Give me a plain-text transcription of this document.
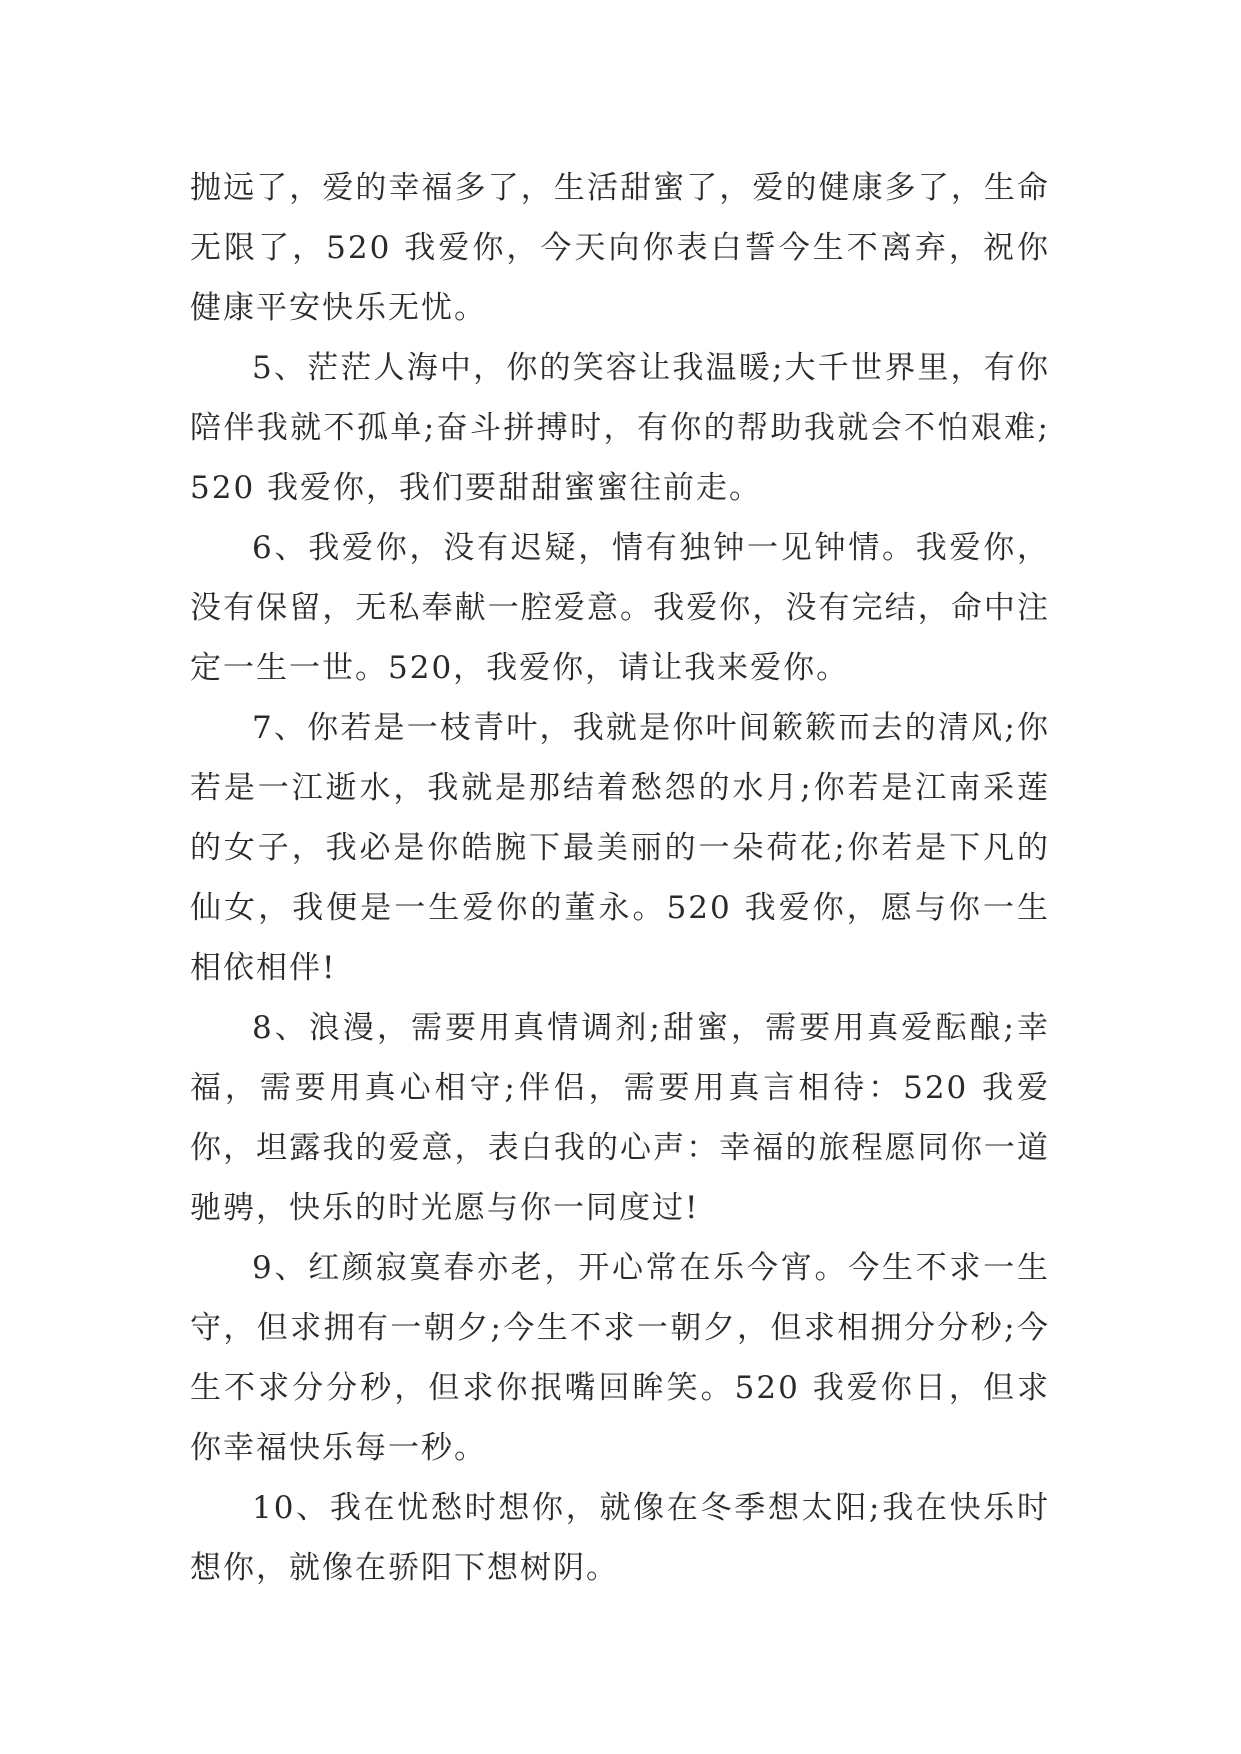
抛远了，爱的幸福多了，生活甜蜜了，爱的健康多了，生命无限了，520 我爱你，今天向你表白誓今生不离弃，祝你健康平安快乐无忧。

5、茫茫人海中，你的笑容让我温暖;大千世界里，有你陪伴我就不孤单;奋斗拼搏时，有你的帮助我就会不怕艰难;520 我爱你，我们要甜甜蜜蜜往前走。

6、我爱你，没有迟疑，情有独钟一见钟情。我爱你，没有保留，无私奉献一腔爱意。我爱你，没有完结，命中注定一生一世。520，我爱你，请让我来爱你。

7、你若是一枝青叶，我就是你叶间簌簌而去的清风;你若是一江逝水，我就是那结着愁怨的水月;你若是江南采莲的女子，我必是你皓腕下最美丽的一朵荷花;你若是下凡的仙女，我便是一生爱你的董永。520 我爱你，愿与你一生相依相伴!

8、浪漫，需要用真情调剂;甜蜜，需要用真爱酝酿;幸福，需要用真心相守;伴侣，需要用真言相待：520 我爱你，坦露我的爱意，表白我的心声：幸福的旅程愿同你一道驰骋，快乐的时光愿与你一同度过!

9、红颜寂寞春亦老，开心常在乐今宵。今生不求一生守，但求拥有一朝夕;今生不求一朝夕，但求相拥分分秒;今生不求分分秒，但求你抿嘴回眸笑。520 我爱你日，但求你幸福快乐每一秒。

10、我在忧愁时想你，就像在冬季想太阳;我在快乐时想你，就像在骄阳下想树阴。
